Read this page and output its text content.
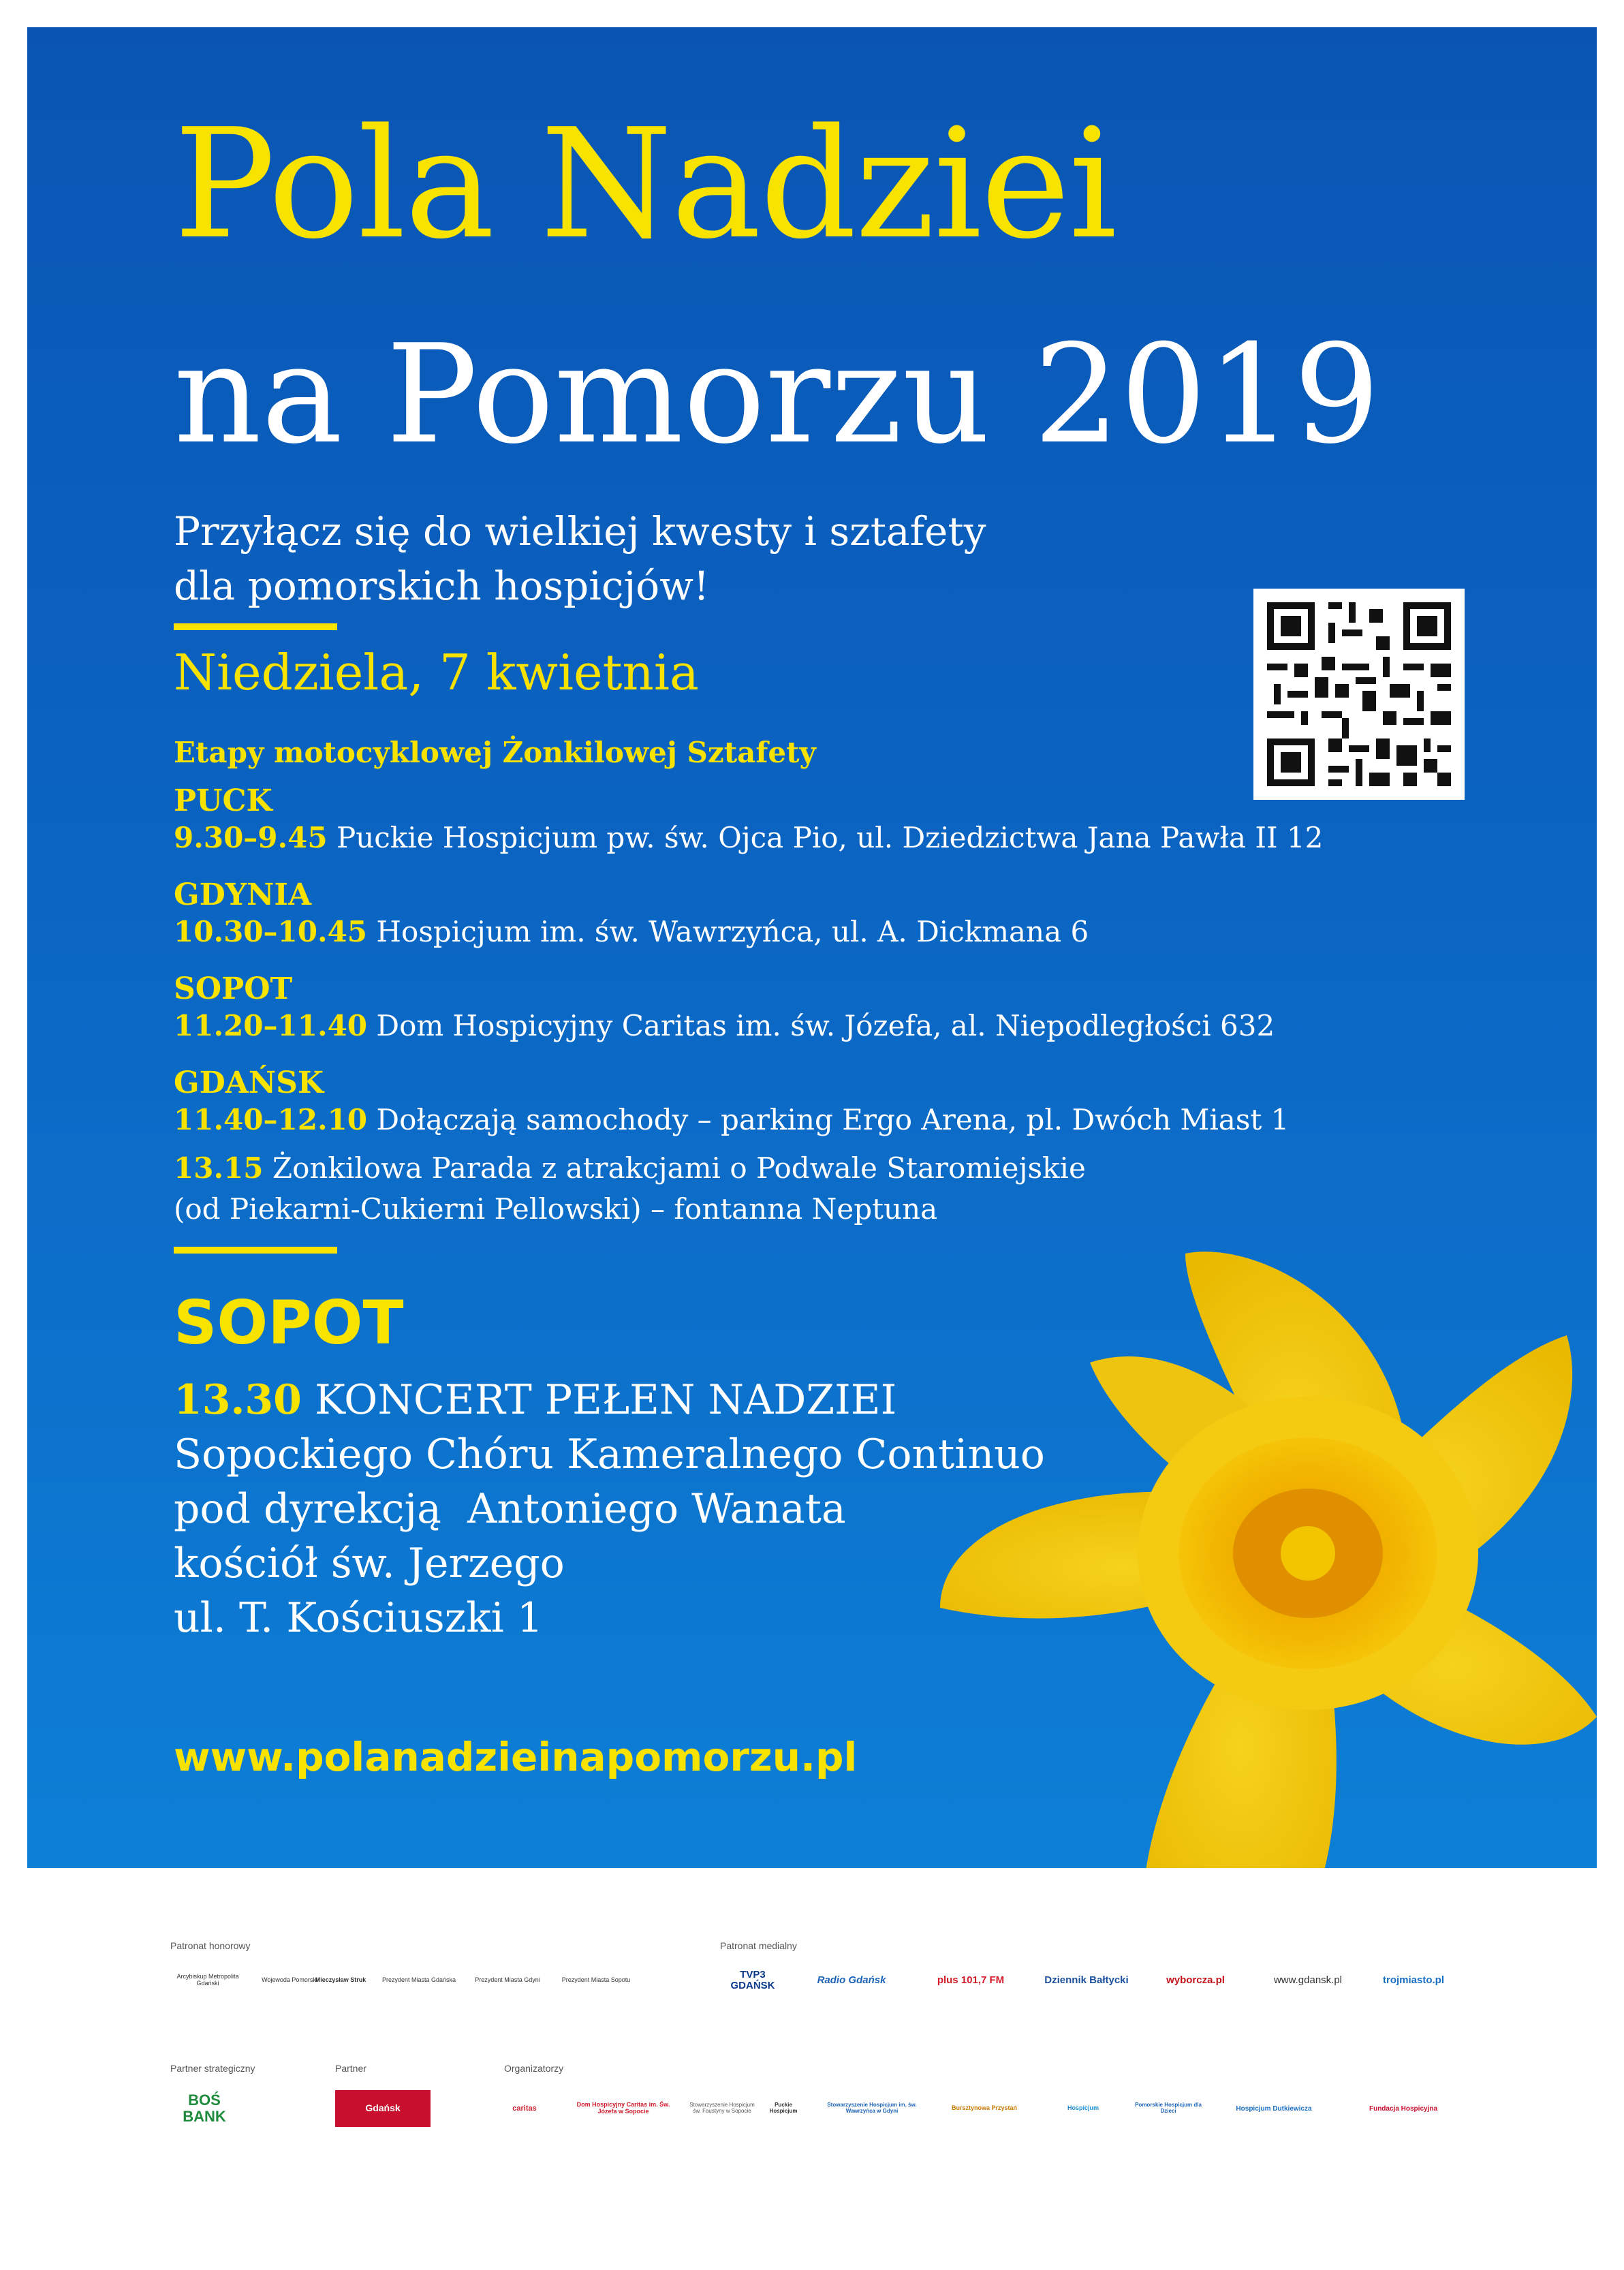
Pola Nadziei
na Pomorzu 2019
Przyłącz się do wielkiej kwesty i sztafety
dla pomorskich hospicjów!
Niedziela, 7 kwietnia
Etapy motocyklowej Żonkilowej Sztafety
PUCK
9.30–9.45 Puckie Hospicjum pw. św. Ojca Pio, ul. Dziedzictwa Jana Pawła II 12
GDYNIA
10.30–10.45 Hospicjum im. św. Wawrzyńca, ul. A. Dickmana 6
SOPOT
11.20–11.40 Dom Hospicyjny Caritas im. św. Józefa, al. Niepodległości 632
GDAŃSK
11.40–12.10 Dołączają samochody – parking Ergo Arena, pl. Dwóch Miast 1
13.15 Żonkilowa Parada z atrakcjami o Podwale Staromiejskie
(od Piekarni-Cukierni Pellowski) – fontanna Neptuna
SOPOT
13.30 KONCERT PEŁEN NADZIEI
Sopockiego Chóru Kameralnego Continuo
pod dyrekcją  Antoniego Wanata
kościół św. Jerzego
ul. T. Kościuszki 1
www.polanadzieinapomorzu.pl
Patronat honorowy	Patronat medialny
Partner strategiczny	Partner	Organizatorzy
Arcybiskup Metropolita Gdański	Wojewoda Pomorski
Mieczysław Struk	Prezydent Miasta Gdańska	Prezydent Miasta Gdyni	Prezydent Miasta Sopotu	TVP3 GDAŃSK	Radio Gdańsk	plus 101,7 FM	Dziennik Bałtycki	wyborcza.pl	www.gdansk.pl	trojmiasto.pl
BOŚ BANK	Gdańsk	caritas	Dom Hospicyjny Caritas im. Św. Józefa w Sopocie
Stowarzyszenie Hospicjum św. Faustyny w Sopocie
Puckie Hospicjum
Stowarzyszenie Hospicjum im. św. Wawrzyńca w Gdyni	Bursztynowa Przystań	Hospicjum	Pomorskie Hospicjum dla Dzieci	Hospicjum Dutkiewicza	Fundacja Hospicyjna
